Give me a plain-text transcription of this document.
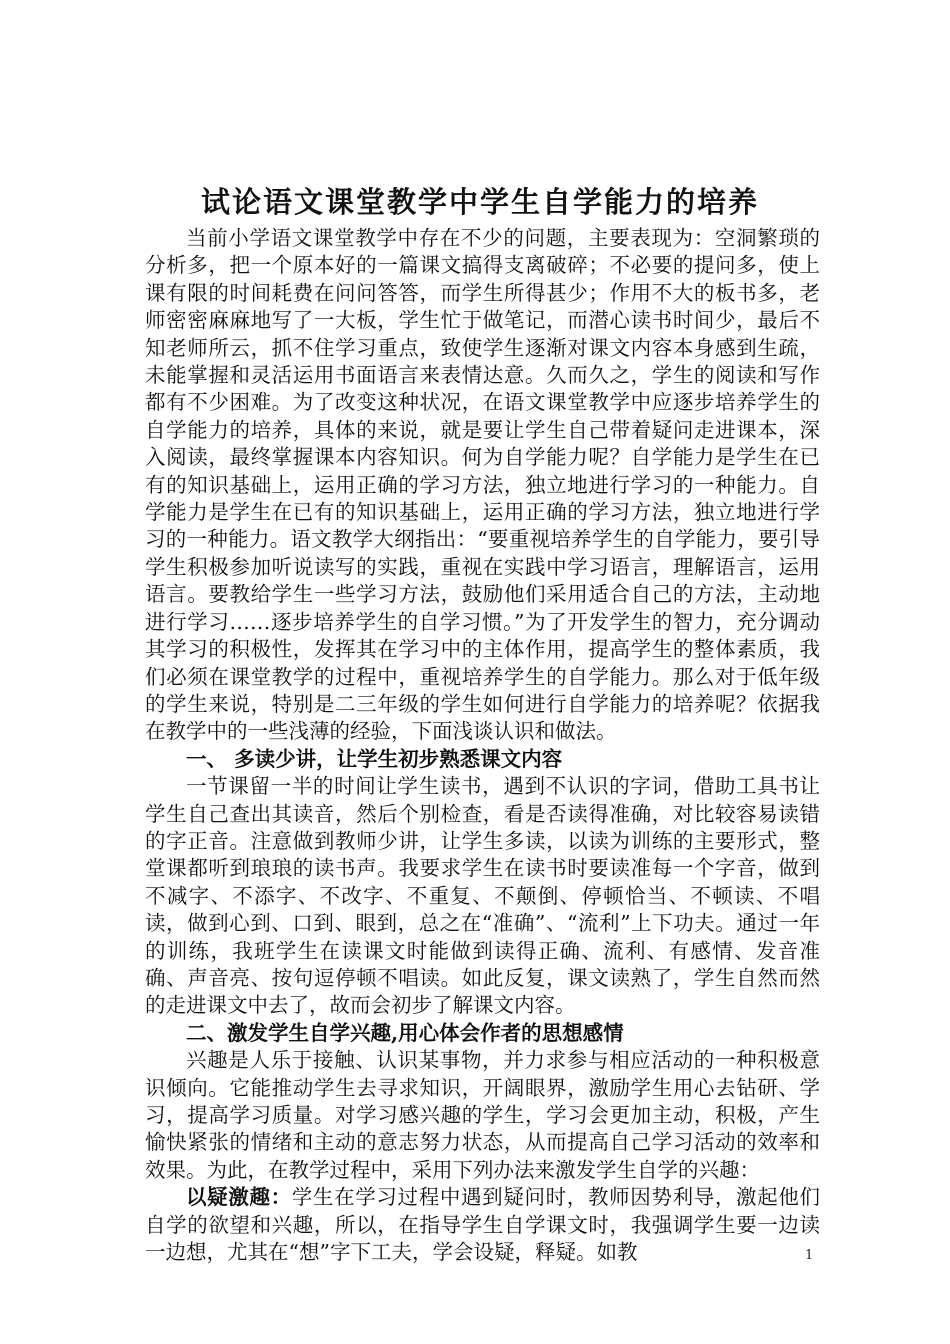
试论语文课堂教学中学生自学能力的培养

当前小学语文课堂教学中存在不少的问题，主要表现为：空洞繁琐的分析多，把一个原本好的一篇课文搞得支离破碎；不必要的提问多，使上课有限的时间耗费在问问答答，而学生所得甚少；作用不大的板书多，老师密密麻麻地写了一大板，学生忙于做笔记，而潜心读书时间少，最后不知老师所云，抓不住学习重点，致使学生逐渐对课文内容本身感到生疏，未能掌握和灵活运用书面语言来表情达意。久而久之，学生的阅读和写作都有不少困难。为了改变这种状况，在语文课堂教学中应逐步培养学生的自学能力的培养，具体的来说，就是要让学生自己带着疑问走进课本，深入阅读，最终掌握课本内容知识。何为自学能力呢？自学能力是学生在已有的知识基础上，运用正确的学习方法，独立地进行学习的一种能力。自学能力是学生在已有的知识基础上，运用正确的学习方法，独立地进行学习的一种能力。语文教学大纲指出：“要重视培养学生的自学能力，要引导学生积极参加听说读写的实践，重视在实践中学习语言，理解语言，运用语言。要教给学生一些学习方法，鼓励他们采用适合自己的方法，主动地进行学习……逐步培养学生的自学习惯。”为了开发学生的智力，充分调动其学习的积极性，发挥其在学习中的主体作用，提高学生的整体素质，我们必须在课堂教学的过程中，重视培养学生的自学能力。那么对于低年级的学生来说，特别是二三年级的学生如何进行自学能力的培养呢？依据我在教学中的一些浅薄的经验，下面浅谈认识和做法。

一、 多读少讲，让学生初步熟悉课文内容

一节课留一半的时间让学生读书，遇到不认识的字词，借助工具书让学生自己查出其读音，然后个别检查，看是否读得准确，对比较容易读错的字正音。注意做到教师少讲，让学生多读，以读为训练的主要形式，整堂课都听到琅琅的读书声。我要求学生在读书时要读准每一个字音，做到不减字、不添字、不改字、不重复、不颠倒、停顿恰当、不顿读、不唱读，做到心到、口到、眼到，总之在“准确”、“流利”上下功夫。通过一年的训练，我班学生在读课文时能做到读得正确、流利、有感情、发音准确、声音亮、按句逗停顿不唱读。如此反复，课文读熟了，学生自然而然的走进课文中去了，故而会初步了解课文内容。

二、激发学生自学兴趣,用心体会作者的思想感情

兴趣是人乐于接触、认识某事物，并力求参与相应活动的一种积极意识倾向。它能推动学生去寻求知识，开阔眼界，激励学生用心去钻研、学习，提高学习质量。对学习感兴趣的学生，学习会更加主动，积极，产生愉快紧张的情绪和主动的意志努力状态，从而提高自己学习活动的效率和效果。为此，在教学过程中，采用下列办法来激发学生自学的兴趣：

以疑激趣：学生在学习过程中遇到疑问时，教师因势利导，激起他们自学的欲望和兴趣，所以，在指导学生自学课文时，我强调学生要一边读一边想，尤其在“想”字下工夫，学会设疑，释疑。如教	1
